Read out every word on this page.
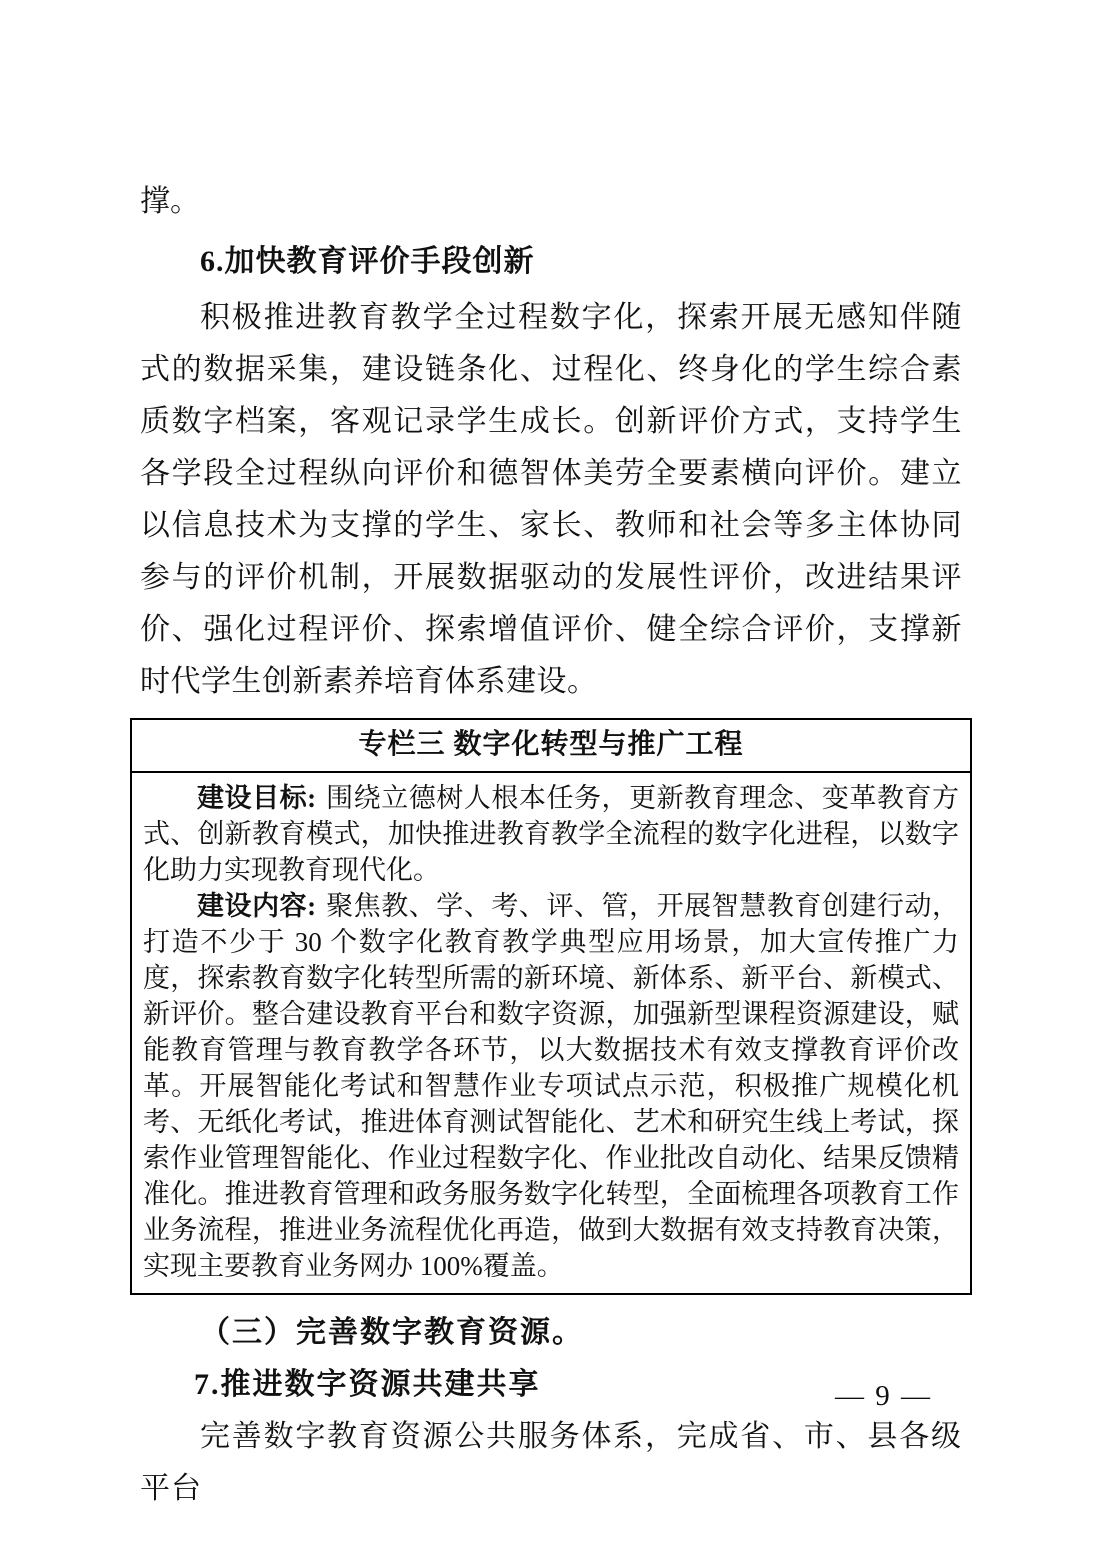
撑。

6.加快教育评价手段创新

积极推进教育教学全过程数字化，探索开展无感知伴随式的数据采集，建设链条化、过程化、终身化的学生综合素质数字档案，客观记录学生成长。创新评价方式，支持学生各学段全过程纵向评价和德智体美劳全要素横向评价。建立以信息技术为支撑的学生、家长、教师和社会等多主体协同参与的评价机制，开展数据驱动的发展性评价，改进结果评价、强化过程评价、探索增值评价、健全综合评价，支撑新时代学生创新素养培育体系建设。

专栏三 数字化转型与推广工程

建设目标: 围绕立德树人根本任务，更新教育理念、变革教育方式、创新教育模式，加快推进教育教学全流程的数字化进程，以数字化助力实现教育现代化。

建设内容: 聚焦教、学、考、评、管，开展智慧教育创建行动，打造不少于 30 个数字化教育教学典型应用场景，加大宣传推广力度，探索教育数字化转型所需的新环境、新体系、新平台、新模式、新评价。整合建设教育平台和数字资源，加强新型课程资源建设，赋能教育管理与教育教学各环节，以大数据技术有效支撑教育评价改革。开展智能化考试和智慧作业专项试点示范，积极推广规模化机考、无纸化考试，推进体育测试智能化、艺术和研究生线上考试，探索作业管理智能化、作业过程数字化、作业批改自动化、结果反馈精准化。推进教育管理和政务服务数字化转型，全面梳理各项教育工作业务流程，推进业务流程优化再造，做到大数据有效支持教育决策，实现主要教育业务网办 100%覆盖。

（三）完善数字教育资源。
7.推进数字资源共建共享

完善数字教育资源公共服务体系，完成省、市、县各级平台

— 9 —
